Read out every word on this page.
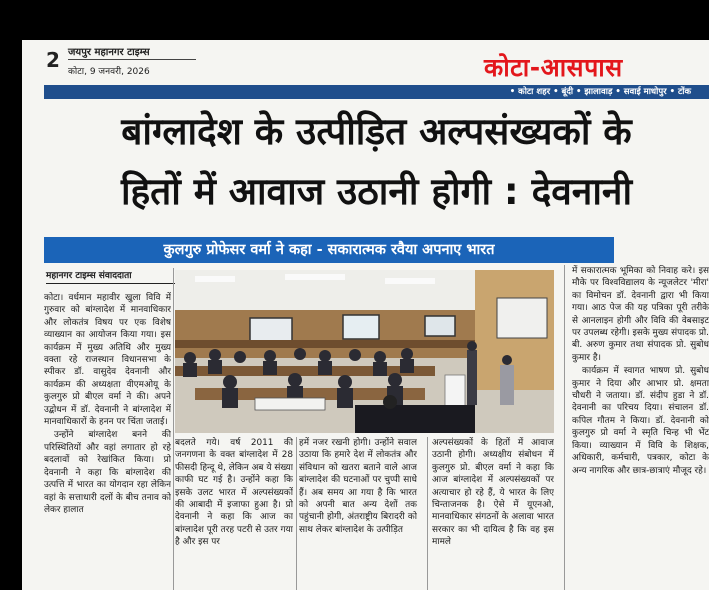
2 जयपुर महानगर टाइम्स
कोटा, 9 जनवरी, 2026	कोटा-आसपास
• कोटा शहर • बूंदी • झालावाड़ • सवाई माधोपुर • टोंक
बांग्लादेश के उत्पीड़ित अल्पसंख्यकों के
हितों में आवाज उठानी होगी : देवनानी
कुलगुरु प्रोफेसर वर्मा ने कहा - सकारात्मक रवैया अपनाए भारत
महानगर टाइम्स संवाददाता

कोटा। वर्धमान महावीर खुला विवि में गुरुवार को बांग्लादेश में मानवाधिकार और लोकतंत्र विषय पर एक विशेष व्याख्यान का आयोजन किया गया। इस कार्यक्रम में मुख्य अतिथि और मुख्य वक्ता रहे राजस्थान विधानसभा के स्पीकर डॉ. वासुदेव देवनानी और कार्यक्रम की अध्यक्षता वीएमओयू के कुलगुरु प्रो बीएल वर्मा ने की। अपने उद्बोधन में डॉ. देवनानी ने बांग्लादेश में मानवाधिकारों के हनन पर चिंता जताई।

उन्होंने बांग्लादेश बनने की परिस्थितियों और वहां लगातार हो रहे बदलावों को रेखांकित किया। प्रो देवनानी ने कहा कि बांग्लादेश की उत्पत्ति में भारत का योगदान रहा लेकिन वहां के सत्ताधारी दलों के बीच तनाव को लेकर हालात

बदलते गये। वर्ष 2011 की जनगणना के वक्त बांग्लादेश में 28 फीसदी हिन्दू थे, लेकिन अब ये संख्या काफी घट गई है। उन्होंने कहा कि इसके उलट भारत में अल्पसंख्यकों की आबादी में इजाफा हुआ है। प्रो देवनानी ने कहा कि आज का बांग्लादेश पूरी तरह पटरी से उतर गया है और इस पर

हमें नजर रखनी होगी। उन्होंने सवाल उठाया कि हमारे देश में लोकतंत्र और संविधान को खतरा बताने वाले आज बांग्लादेश की घटनाओं पर चुप्पी साधे हैं। अब समय आ गया है कि भारत को अपनी बात अन्य देशों तक पहुंचानी होगी, अंतराष्ट्रीय बिरादरी को साथ लेकर बांग्लादेश के उत्पीड़ित

अल्पसंख्यकों के हितों में आवाज उठानी होगी। अध्यक्षीय संबोधन में कुलगुरु प्रो. बीएल वर्मा ने कहा कि आज बांग्लादेश में अल्पसंख्यकों पर अत्याचार हो रहे हैं, ये भारत के लिए चिन्ताजनक है। ऐसे में यूएनओ, मानवाधिकार संगठनों के अलावा भारत सरकार का भी दायित्व है कि वह इस मामले

में सकारात्मक भूमिका को निवाह करे। इस मौके पर विश्वविद्यालय के न्यूजलेटर 'मीरा' का विमोचन डॉ. देवनानी द्वारा भी किया गया। आठ पेज की यह पत्रिका पूरी तरीके से आनलाइन होगी और विवि की वेबसाइट पर उपलब्ध रहेगी। इसके मुख्य संपादक प्रो. बी. अरुण कुमार तथा संपादक प्रो. सुबोध कुमार है।

कार्यक्रम में स्वागत भाषण प्रो. सुबोध कुमार ने दिया और आभार प्रो. क्षमता चौधरी ने जताया। डॉ. संदीप हुडा ने डॉ. देवनानी का परिचय दिया। संचालन डॉ. कपिल गौतम ने किया। डॉ. देवनानी को कुलगुरु प्रो वर्मा ने स्मृति चिन्ह भी भेंट किया। व्याख्यान में विवि के शिक्षक, अधिकारी, कर्मचारी, पत्रकार, कोटा के अन्य नागरिक और छात्र-छात्राएं मौजूद रहे।
